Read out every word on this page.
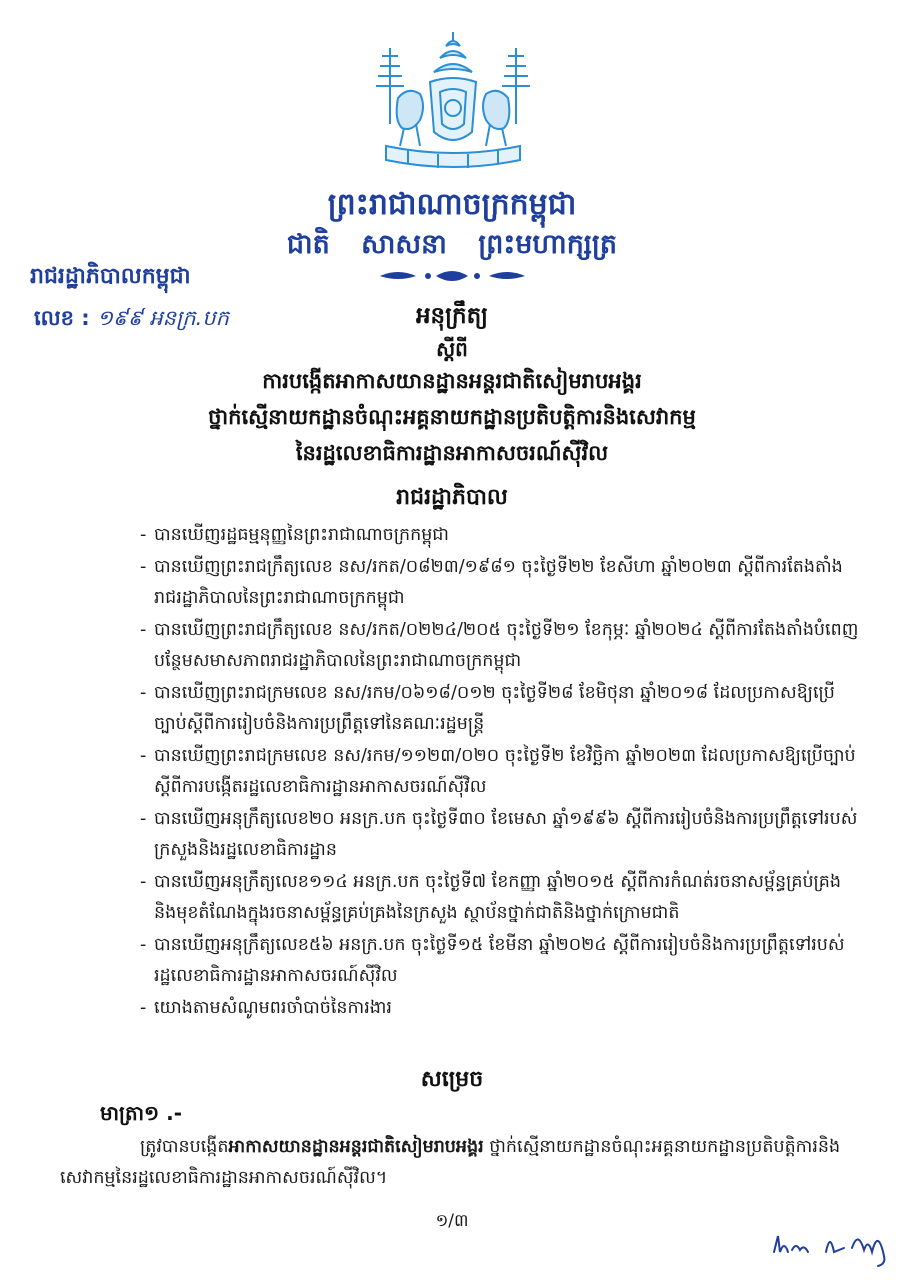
ព្រះរាជាណាចក្រកម្ពុជា
ជាតិ សាសនា ព្រះមហាក្សត្រ
រាជរដ្ឋាភិបាលកម្ពុជា
លេខ : ១៩៩ អនក្រ.បក	អនុក្រឹត្យ
ស្តីពី
ការបង្កើតអាកាសយានដ្ឋានអន្តរជាតិសៀមរាបអង្គរ
ថ្នាក់ស្មើនាយកដ្ឋានចំណុះអគ្គនាយកដ្ឋានប្រតិបត្តិការនិងសេវាកម្ម
នៃរដ្ឋលេខាធិការដ្ឋានអាកាសចរណ៍ស៊ីវិល
រាជរដ្ឋាភិបាល
- បានឃើញរដ្ឋធម្មនុញ្ញនៃព្រះរាជាណាចក្រកម្ពុជា
- បានឃើញព្រះរាជក្រឹត្យលេខ នស/រកត/០៨២៣/១៩៨១ ចុះថ្ងៃទី២២ ខែសីហា ឆ្នាំ២០២៣ ស្តីពីការតែងតាំងរាជរដ្ឋាភិបាលនៃព្រះរាជាណាចក្រកម្ពុជា
- បានឃើញព្រះរាជក្រឹត្យលេខ នស/រកត/០២២៤/២០៥ ចុះថ្ងៃទី២១ ខែកុម្ភៈ ឆ្នាំ២០២៤ ស្តីពីការតែងតាំងបំពេញបន្ថែមសមាសភាពរាជរដ្ឋាភិបាលនៃព្រះរាជាណាចក្រកម្ពុជា
- បានឃើញព្រះរាជក្រមលេខ នស/រកម/០៦១៨/០១២ ចុះថ្ងៃទី២៨ ខែមិថុនា ឆ្នាំ២០១៨ ដែលប្រកាសឱ្យប្រើច្បាប់ស្តីពីការរៀបចំនិងការប្រព្រឹត្តទៅនៃគណៈរដ្ឋមន្ត្រី
- បានឃើញព្រះរាជក្រមលេខ នស/រកម/១១២៣/០២០ ចុះថ្ងៃទី២ ខែវិច្ឆិកា ឆ្នាំ២០២៣ ដែលប្រកាសឱ្យប្រើច្បាប់ស្តីពីការបង្កើតរដ្ឋលេខាធិការដ្ឋានអាកាសចរណ៍ស៊ីវិល
- បានឃើញអនុក្រឹត្យលេខ២០ អនក្រ.បក ចុះថ្ងៃទី៣០ ខែមេសា ឆ្នាំ១៩៩៦ ស្តីពីការរៀបចំនិងការប្រព្រឹត្តទៅរបស់ក្រសួងនិងរដ្ឋលេខាធិការដ្ឋាន
- បានឃើញអនុក្រឹត្យលេខ១១៤ អនក្រ.បក ចុះថ្ងៃទី៧ ខែកញ្ញា ឆ្នាំ២០១៥ ស្តីពីការកំណត់រចនាសម្ព័ន្ធគ្រប់គ្រងនិងមុខតំណែងក្នុងរចនាសម្ព័ន្ធគ្រប់គ្រងនៃក្រសួង ស្ថាប័នថ្នាក់ជាតិនិងថ្នាក់ក្រោមជាតិ
- បានឃើញអនុក្រឹត្យលេខ៥៦ អនក្រ.បក ចុះថ្ងៃទី១៥ ខែមីនា ឆ្នាំ២០២៤ ស្តីពីការរៀបចំនិងការប្រព្រឹត្តទៅរបស់រដ្ឋលេខាធិការដ្ឋានអាកាសចរណ៍ស៊ីវិល
- យោងតាមសំណូមពរចាំបាច់នៃការងារ
សម្រេច
មាត្រា១ .-
ត្រូវបានបង្កើតអាកាសយានដ្ឋានអន្តរជាតិសៀមរាបអង្គរ ថ្នាក់ស្មើនាយកដ្ឋានចំណុះអគ្គនាយកដ្ឋានប្រតិបត្តិការនិងសេវាកម្មនៃរដ្ឋលេខាធិការដ្ឋានអាកាសចរណ៍ស៊ីវិល។
១/៣
